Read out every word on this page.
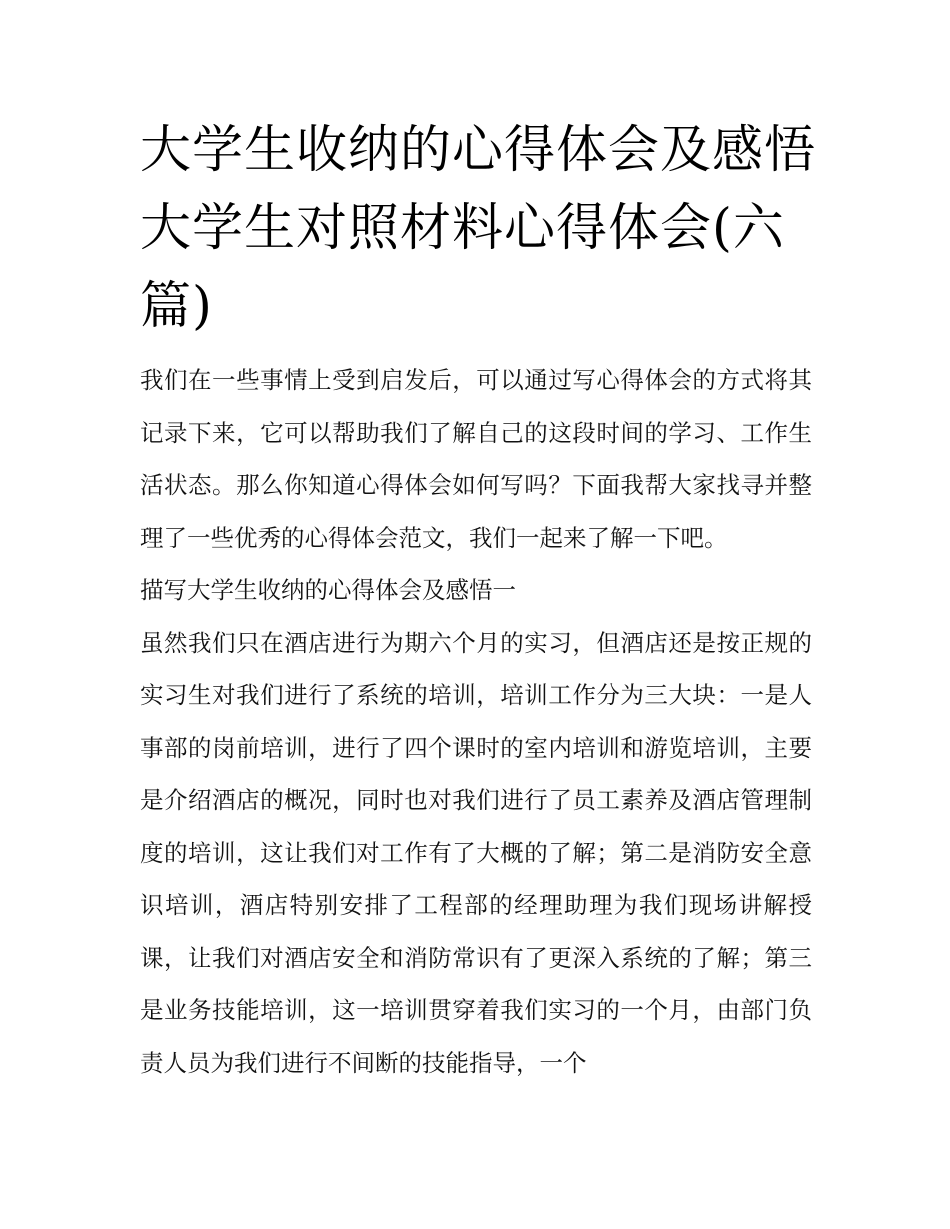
大学生收纳的心得体会及感悟 大学生对照材料心得体会(六篇)

我们在一些事情上受到启发后，可以通过写心得体会的方式将其记录下来，它可以帮助我们了解自己的这段时间的学习、工作生活状态。那么你知道心得体会如何写吗？下面我帮大家找寻并整理了一些优秀的心得体会范文，我们一起来了解一下吧。

描写大学生收纳的心得体会及感悟一

虽然我们只在酒店进行为期六个月的实习，但酒店还是按正规的实习生对我们进行了系统的培训，培训工作分为三大块：一是人事部的岗前培训，进行了四个课时的室内培训和游览培训，主要是介绍酒店的概况，同时也对我们进行了员工素养及酒店管理制度的培训，这让我们对工作有了大概的了解；第二是消防安全意识培训，酒店特别安排了工程部的经理助理为我们现场讲解授课，让我们对酒店安全和消防常识有了更深入系统的了解；第三是业务技能培训，这一培训贯穿着我们实习的一个月，由部门负责人员为我们进行不间断的技能指导，一个
